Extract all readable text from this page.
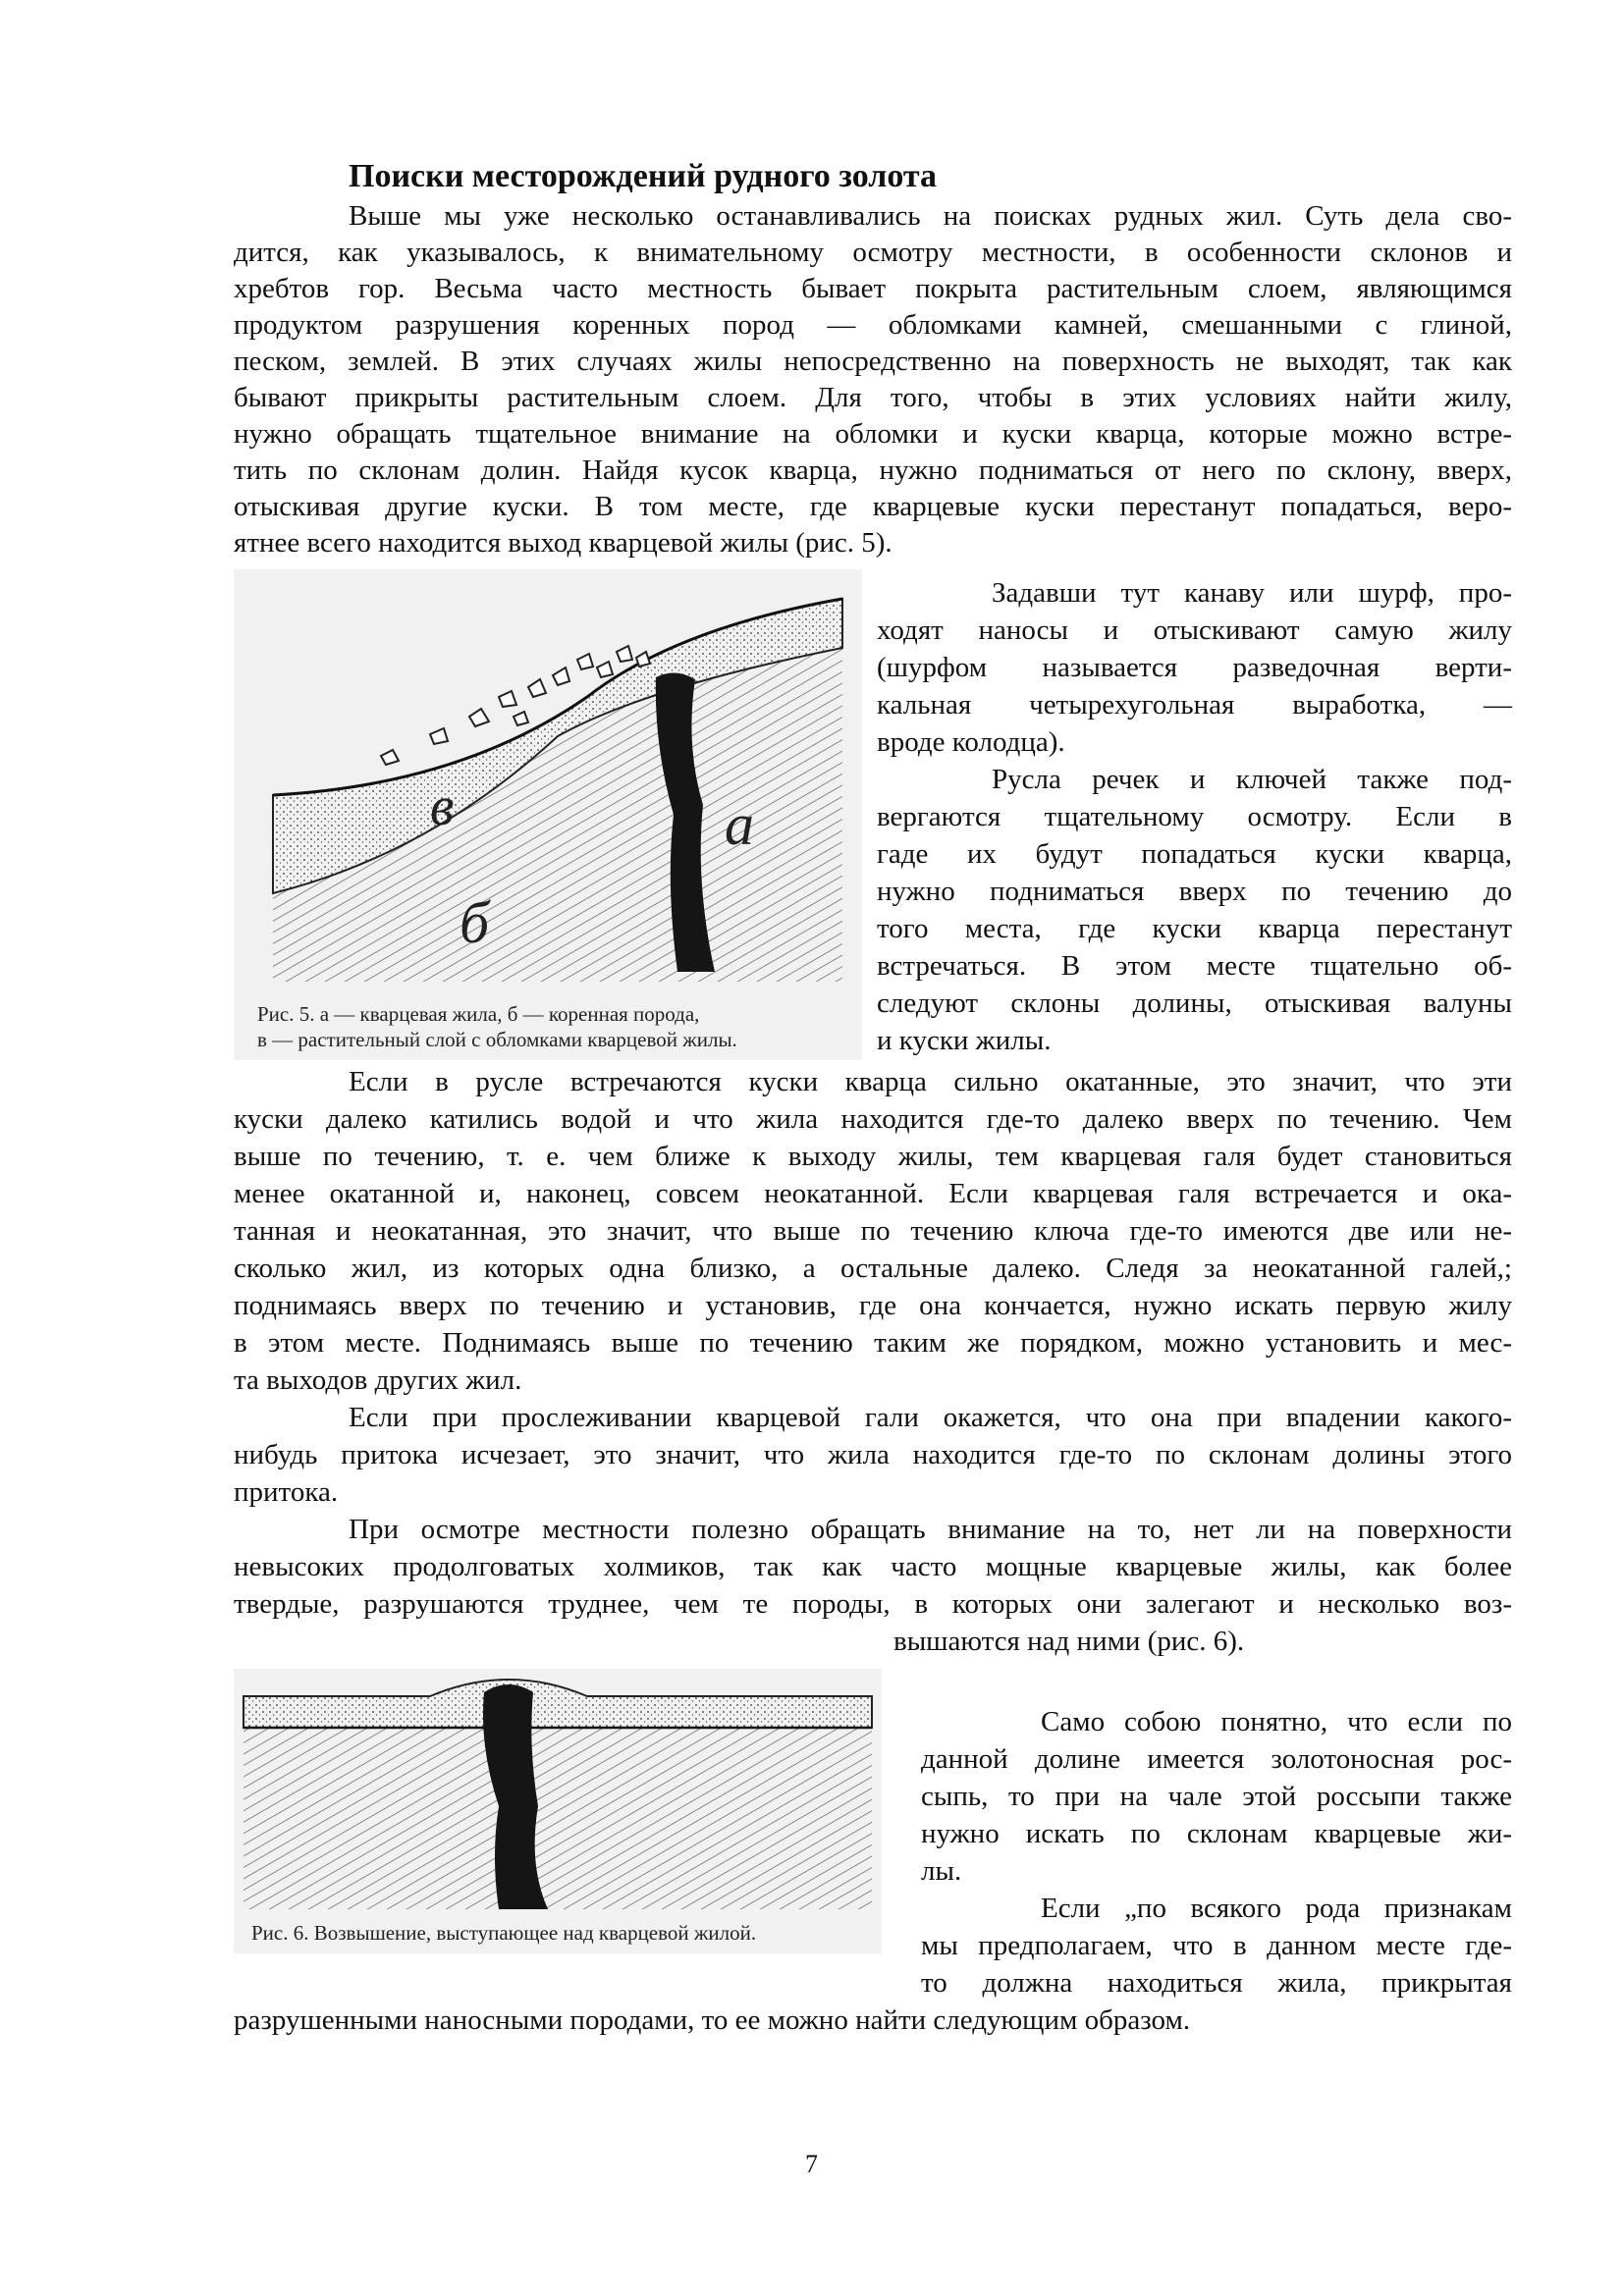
Поиски месторождений рудного золота
Выше мы уже несколько останавливались на поисках рудных жил. Суть дела сво-
дится, как указывалось, к внимательному осмотру местности, в особенности склонов и
хребтов гор. Весьма часто местность бывает покрыта растительным слоем, являющимся
продуктом разрушения коренных пород — обломками камней, смешанными с глиной,
песком, землей. В этих случаях жилы непосредственно на поверхность не выходят, так как
бывают прикрыты растительным слоем. Для того, чтобы в этих условиях найти жилу,
нужно обращать тщательное внимание на обломки и куски кварца, которые можно встре-
тить по склонам долин. Найдя кусок кварца, нужно подниматься от него по склону, вверх,
отыскивая другие куски. В том месте, где кварцевые куски перестанут попадаться, веро-
ятнее всего находится выход кварцевой жилы (рис. 5).
в	а
б
Рис. 5. а — кварцевая жила, б — коренная порода,
в — растительный слой с обломками кварцевой жилы.
Задавши тут канаву или шурф, про-
ходят наносы и отыскивают самую жилу
(шурфом называется разведочная верти-
кальная четырехугольная выработка, —
вроде колодца).
Русла речек и ключей также под-
вергаются тщательному осмотру. Если в
гаде их будут попадаться куски кварца,
нужно подниматься вверх по течению до
того места, где куски кварца перестанут
встречаться. В этом месте тщательно об-
следуют склоны долины, отыскивая валуны
и куски жилы.
Если в русле встречаются куски кварца сильно окатанные, это значит, что эти
куски далеко катились водой и что жила находится где-то далеко вверх по течению. Чем
выше по течению, т. е. чем ближе к выходу жилы, тем кварцевая галя будет становиться
менее окатанной и, наконец, совсем неокатанной. Если кварцевая галя встречается и ока-
танная и неокатанная, это значит, что выше по течению ключа где-то имеются две или не-
сколько жил, из которых одна близко, а остальные далеко. Следя за неокатанной галей,;
поднимаясь вверх по течению и установив, где она кончается, нужно искать первую жилу
в этом месте. Поднимаясь выше по течению таким же порядком, можно установить и мес-
та выходов других жил.
Если при прослеживании кварцевой гали окажется, что она при впадении какого-
нибудь притока исчезает, это значит, что жила находится где-то по склонам долины этого
притока.
При осмотре местности полезно обращать внимание на то, нет ли на поверхности
невысоких продолговатых холмиков, так как часто мощные кварцевые жилы, как более
твердые, разрушаются труднее, чем те породы, в которых они залегают и несколько воз-
вышаются над ними (рис. 6).
Рис. 6. Возвышение, выступающее над кварцевой жилой.
Само собою понятно, что если по
данной долине имеется золотоносная рос-
сыпь, то при на чале этой россыпи также
нужно искать по склонам кварцевые жи-
лы.
Если „по всякого рода признакам
мы предполагаем, что в данном месте где-
то должна находиться жила, прикрытая
разрушенными наносными породами, то ее можно найти следующим образом.
7
